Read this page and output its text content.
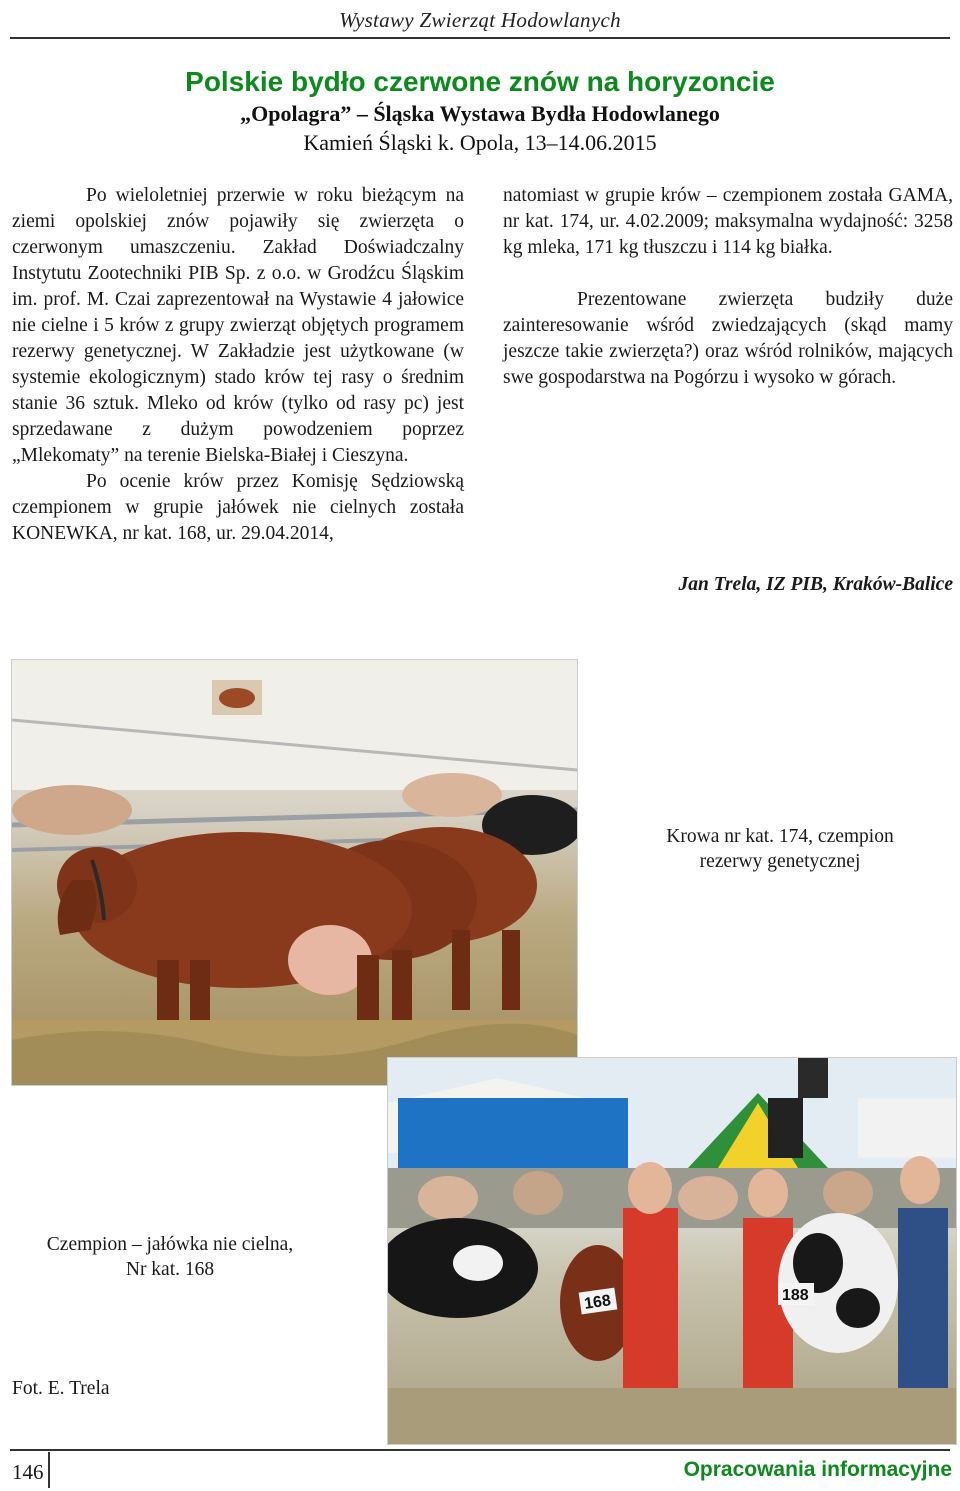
Wystawy Zwierząt Hodowlanych
Polskie bydło czerwone znów na horyzoncie
„Opolagra” – Śląska Wystawa Bydła Hodowlanego
Kamień Śląski k. Opola, 13–14.06.2015

Po wieloletniej przerwie w roku bieżącym na ziemi opolskiej znów pojawiły się zwierzęta o czerwonym umaszczeniu. Zakład Doświadczalny Instytutu Zootechniki PIB Sp. z o.o. w Grodźcu Śląskim im. prof. M. Czai zaprezentował na Wystawie 4 jałowice nie cielne i 5 krów z grupy zwierząt objętych programem rezerwy genetycznej. W Zakładzie jest użytkowane (w systemie ekologicznym) stado krów tej rasy o średnim stanie 36 sztuk. Mleko od krów (tylko od rasy pc) jest sprzedawane z dużym powodzeniem poprzez „Mlekomaty” na terenie Bielska-Białej i Cieszyna.

Po ocenie krów przez Komisję Sędziowską czempionem w grupie jałówek nie cielnych została KONEWKA, nr kat. 168, ur. 29.04.2014,

natomiast w grupie krów – czempionem została GAMA, nr kat. 174, ur. 4.02.2009; maksymalna wydajność: 3258 kg mleka, 171 kg tłuszczu i 114 kg białka.

Prezentowane zwierzęta budziły duże zainteresowanie wśród zwiedzających (skąd mamy jeszcze takie zwierzęta?) oraz wśród rolników, mających swe gospodarstwa na Pogórzu i wysoko w górach.

Jan Trela, IZ PIB, Kraków-Balice
168	188
Krowa nr kat. 174, czempion
rezerwy genetycznej
Czempion – jałówka nie cielna,
Nr kat. 168
Fot. E. Trela
146	Opracowania informacyjne
